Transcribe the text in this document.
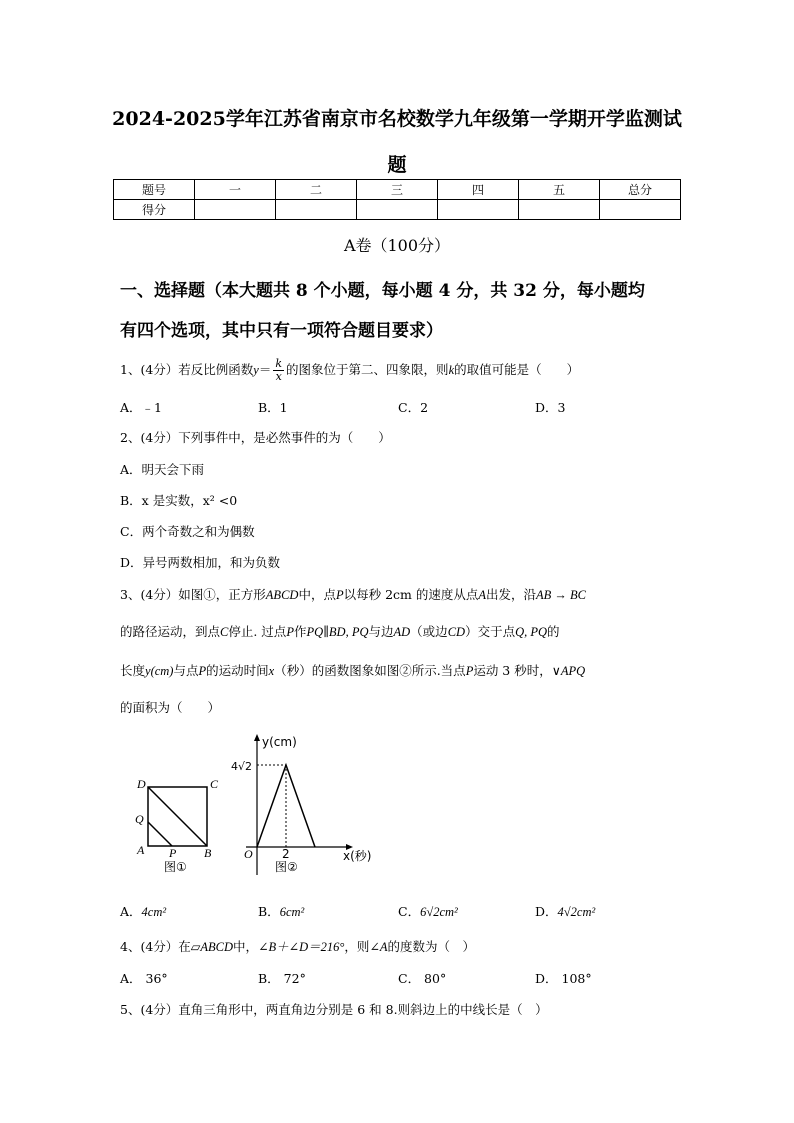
2024-2025学年江苏省南京市名校数学九年级第一学期开学监测试
题
题号	一	二	三	四	五	总分
得分						
A卷（100分）
一、选择题（本大题共 8 个小题，每小题 4 分，共 32 分，每小题均
有四个选项，其中只有一项符合题目要求）
1、(4分）若反比例函数$y= \frac{k}{x}$ 的图象位于第二、四象限，则k的取值可能是（　　）
A．﹣1	B．1	C．2	D．3
2、(4分）下列事件中，是必然事件的为（　　）
A．明天会下雨
B．x 是实数，x² <0
C．两个奇数之和为偶数
D．异号两数相加，和为负数
3、(4分）如图①，正方形ABCD中，点P以每秒 2cm 的速度从点A出发，沿AB → BC
的路径运动，到点C停止. 过点P作PQ∥BD, PQ与边AD（或边CD）交于点Q, PQ的
长度y(cm)与点P的运动时间x（秒）的函数图象如图②所示.当点P运动 3 秒时，∨APQ
的面积为（　　）
D	C
Q
A P B
图①
y(cm)
4√2
O 2	x(秒)
图②
A．4cm²	B．6cm²	C．6√2cm²	D．4√2cm²
4、(4分）在▱ABCD中，∠B＋∠D＝216°，则∠A的度数为（　）
A． 36°	B． 72°	C． 80°	D． 108°
5、(4分）直角三角形中，两直角边分别是 6 和 8.则斜边上的中线长是（　）
